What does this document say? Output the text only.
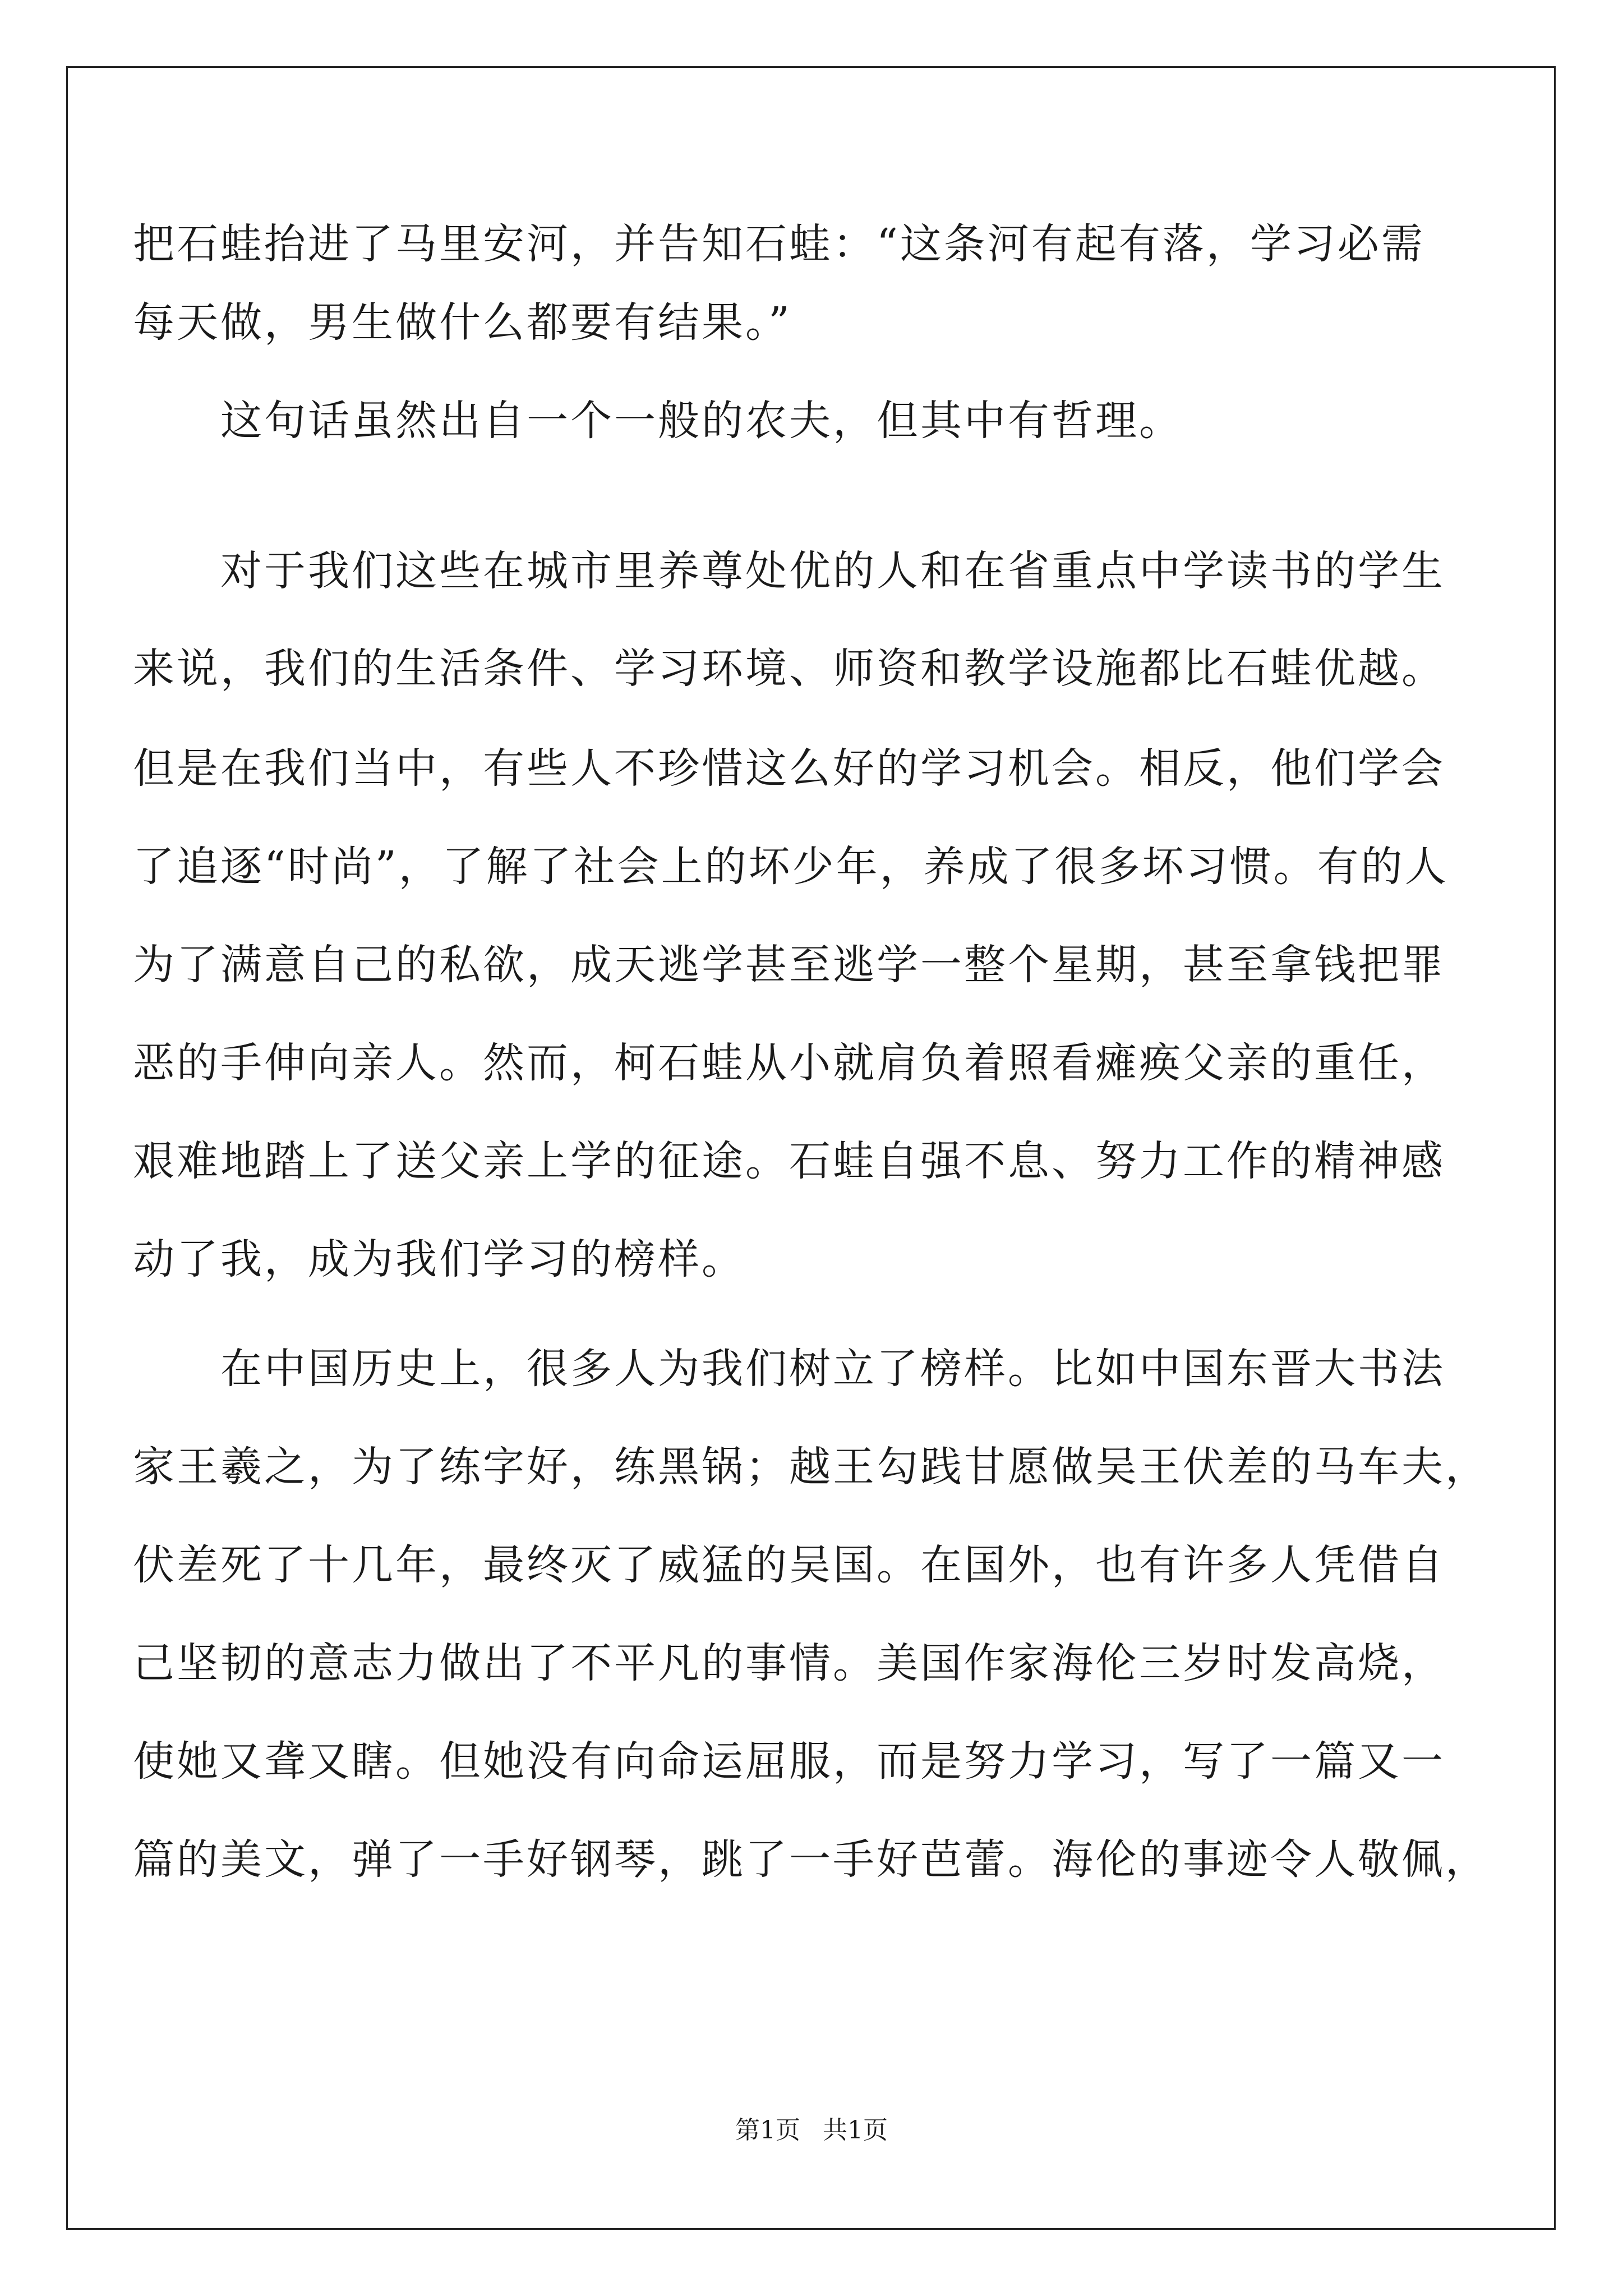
把石蛙抬进了马里安河，并告知石蛙：“这条河有起有落，学习必需
每天做，男生做什么都要有结果。”
　　这句话虽然出自一个一般的农夫，但其中有哲理。
　　对于我们这些在城市里养尊处优的人和在省重点中学读书的学生
来说，我们的生活条件、学习环境、师资和教学设施都比石蛙优越。
但是在我们当中，有些人不珍惜这么好的学习机会。相反，他们学会
了追逐“时尚”，了解了社会上的坏少年，养成了很多坏习惯。有的人
为了满意自己的私欲，成天逃学甚至逃学一整个星期，甚至拿钱把罪
恶的手伸向亲人。然而，柯石蛙从小就肩负着照看瘫痪父亲的重任，
艰难地踏上了送父亲上学的征途。石蛙自强不息、努力工作的精神感
动了我，成为我们学习的榜样。
　　在中国历史上，很多人为我们树立了榜样。比如中国东晋大书法
家王羲之，为了练字好，练黑锅；越王勾践甘愿做吴王伏差的马车夫，
伏差死了十几年，最终灭了威猛的吴国。在国外，也有许多人凭借自
己坚韧的意志力做出了不平凡的事情。美国作家海伦三岁时发高烧，
使她又聋又瞎。但她没有向命运屈服，而是努力学习，写了一篇又一
篇的美文，弹了一手好钢琴，跳了一手好芭蕾。海伦的事迹令人敬佩，
第1页 共1页
